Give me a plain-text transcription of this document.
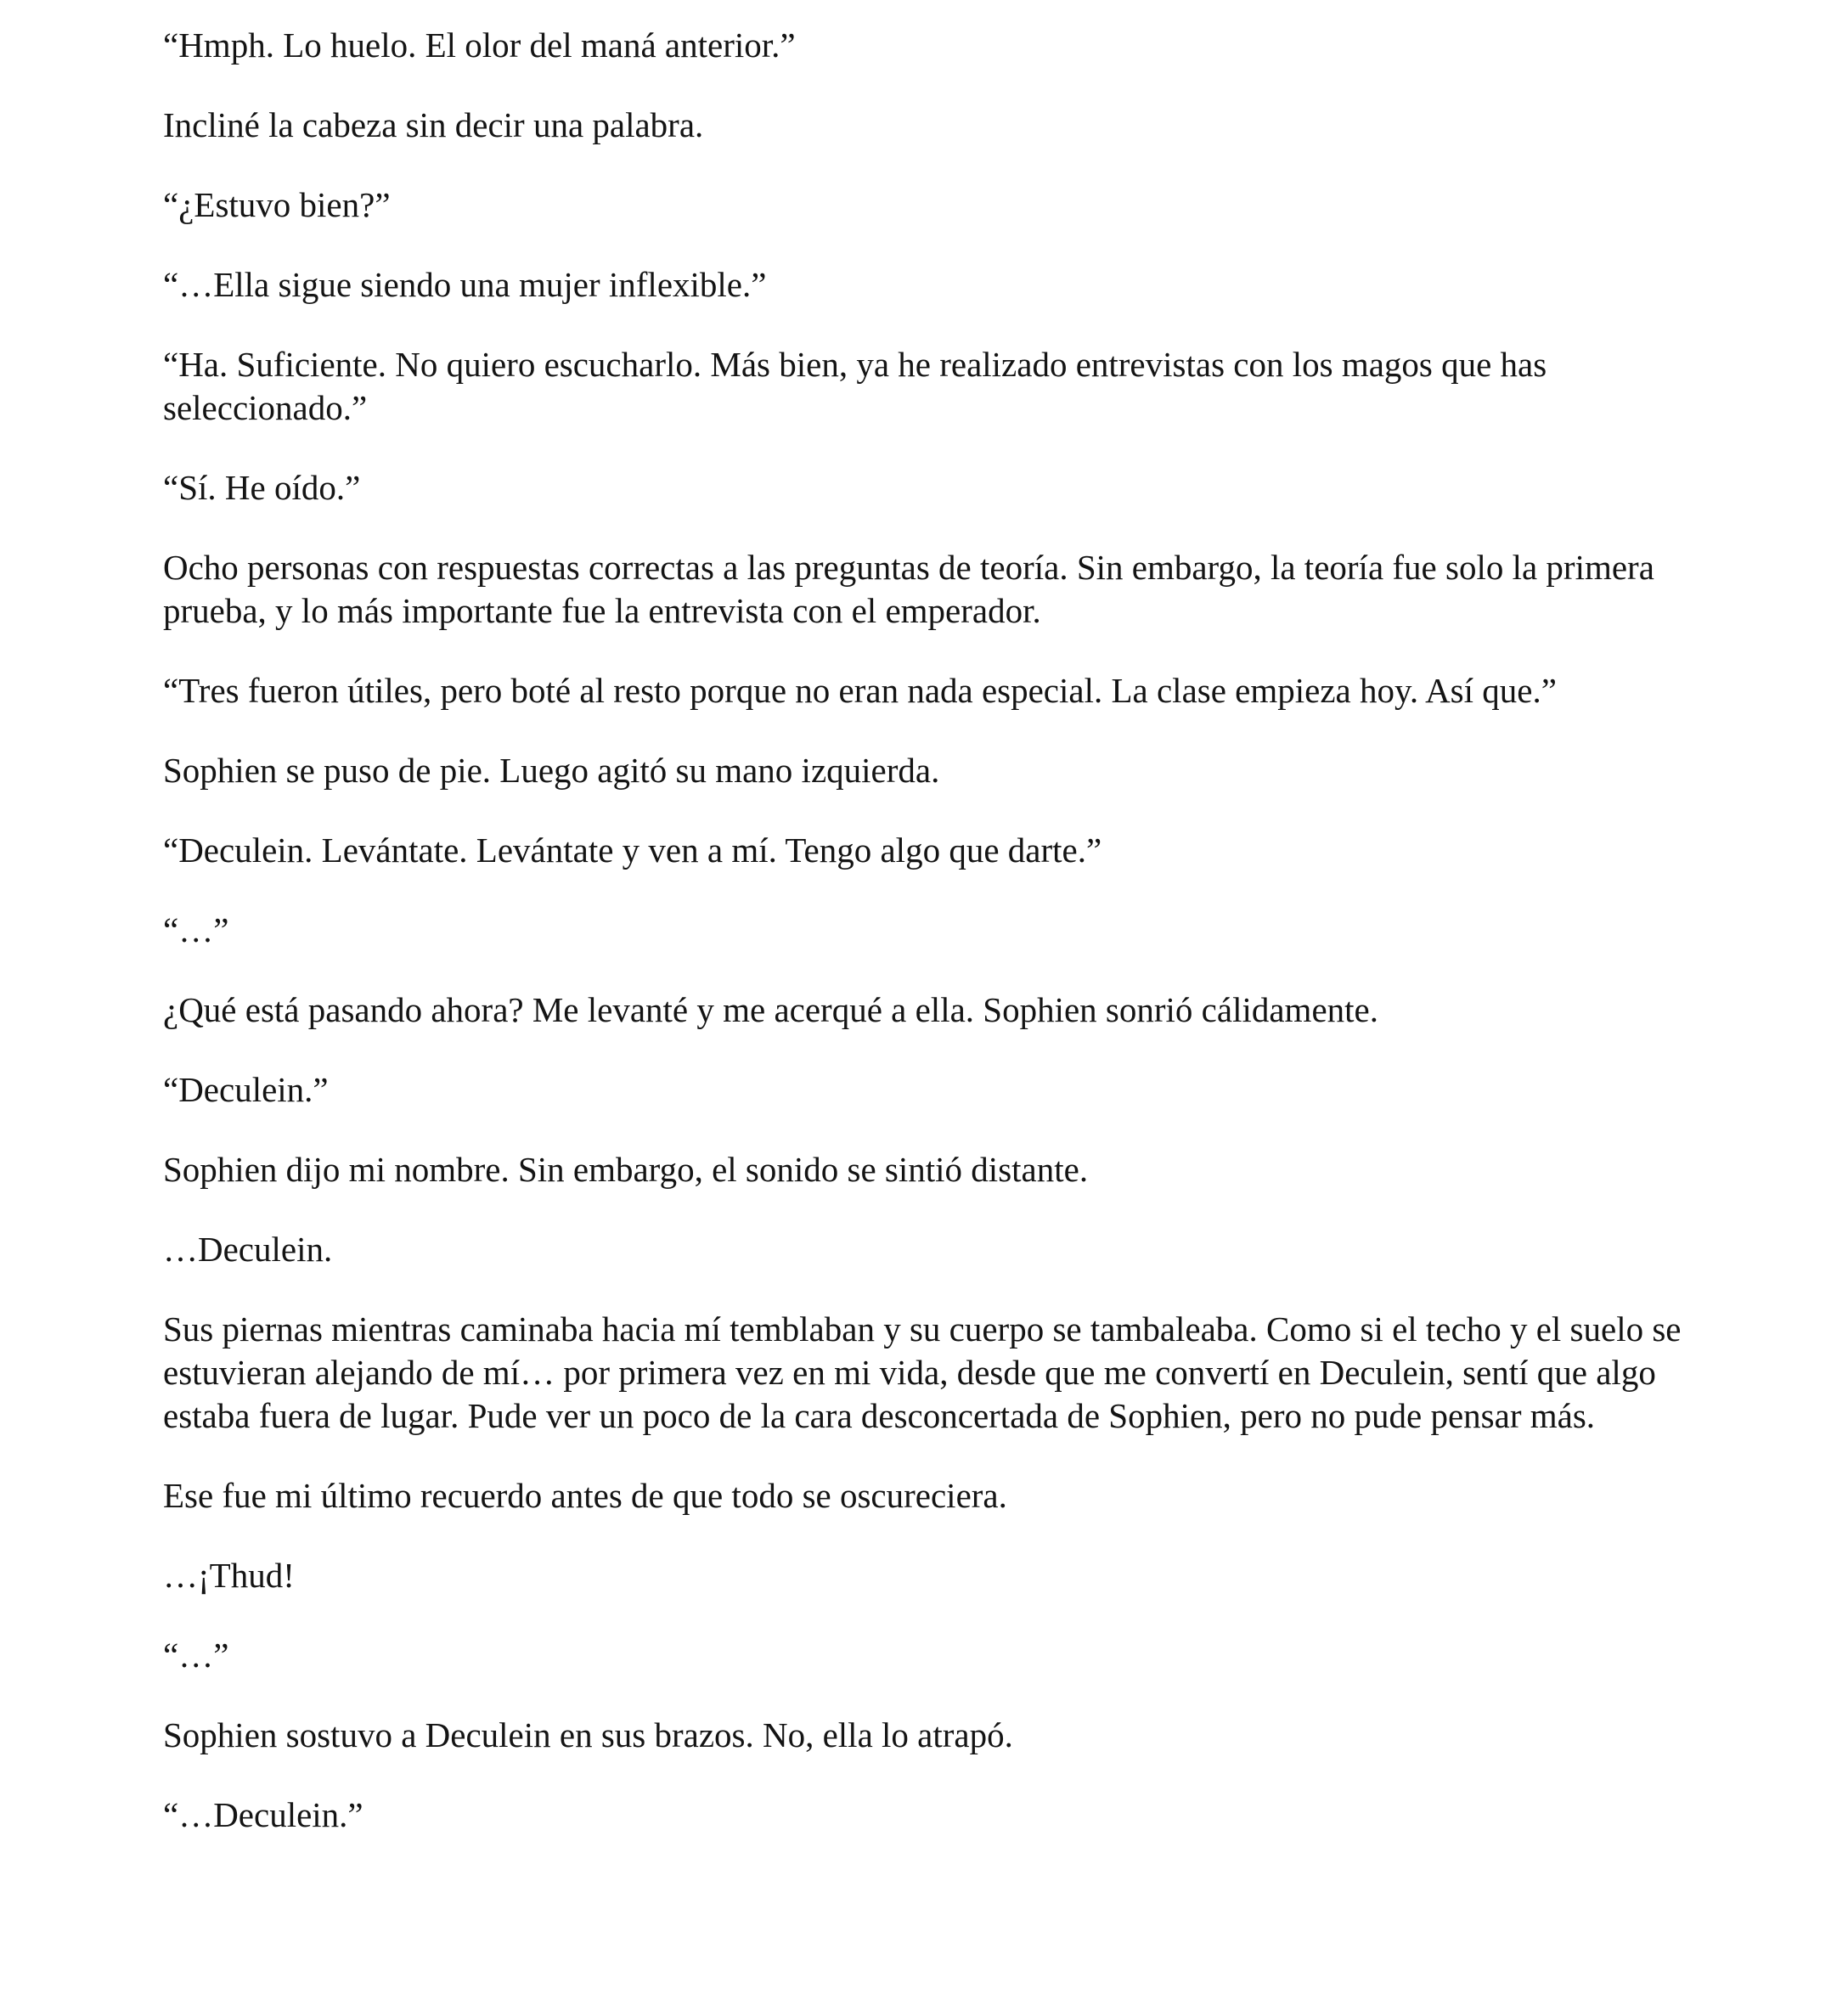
“Hmph. Lo huelo. El olor del maná anterior.”

Incliné la cabeza sin decir una palabra.

“¿Estuvo bien?”

“…Ella sigue siendo una mujer inflexible.”

“Ha. Suficiente. No quiero escucharlo. Más bien, ya he realizado entrevistas con los magos que has seleccionado.”

“Sí. He oído.”

Ocho personas con respuestas correctas a las preguntas de teoría. Sin embargo, la teoría fue solo la primera prueba, y lo más importante fue la entrevista con el emperador.

“Tres fueron útiles, pero boté al resto porque no eran nada especial. La clase empieza hoy. Así que.”

Sophien se puso de pie. Luego agitó su mano izquierda.

“Deculein. Levántate. Levántate y ven a mí. Tengo algo que darte.”

“…”

¿Qué está pasando ahora? Me levanté y me acerqué a ella. Sophien sonrió cálidamente.

“Deculein.”

Sophien dijo mi nombre. Sin embargo, el sonido se sintió distante.

…Deculein.

Sus piernas mientras caminaba hacia mí temblaban y su cuerpo se tambaleaba. Como si el techo y el suelo se estuvieran alejando de mí… por primera vez en mi vida, desde que me convertí en Deculein, sentí que algo estaba fuera de lugar. Pude ver un poco de la cara desconcertada de Sophien, pero no pude pensar más.

Ese fue mi último recuerdo antes de que todo se oscureciera.

…¡Thud!

“…”

Sophien sostuvo a Deculein en sus brazos. No, ella lo atrapó.

“…Deculein.”
